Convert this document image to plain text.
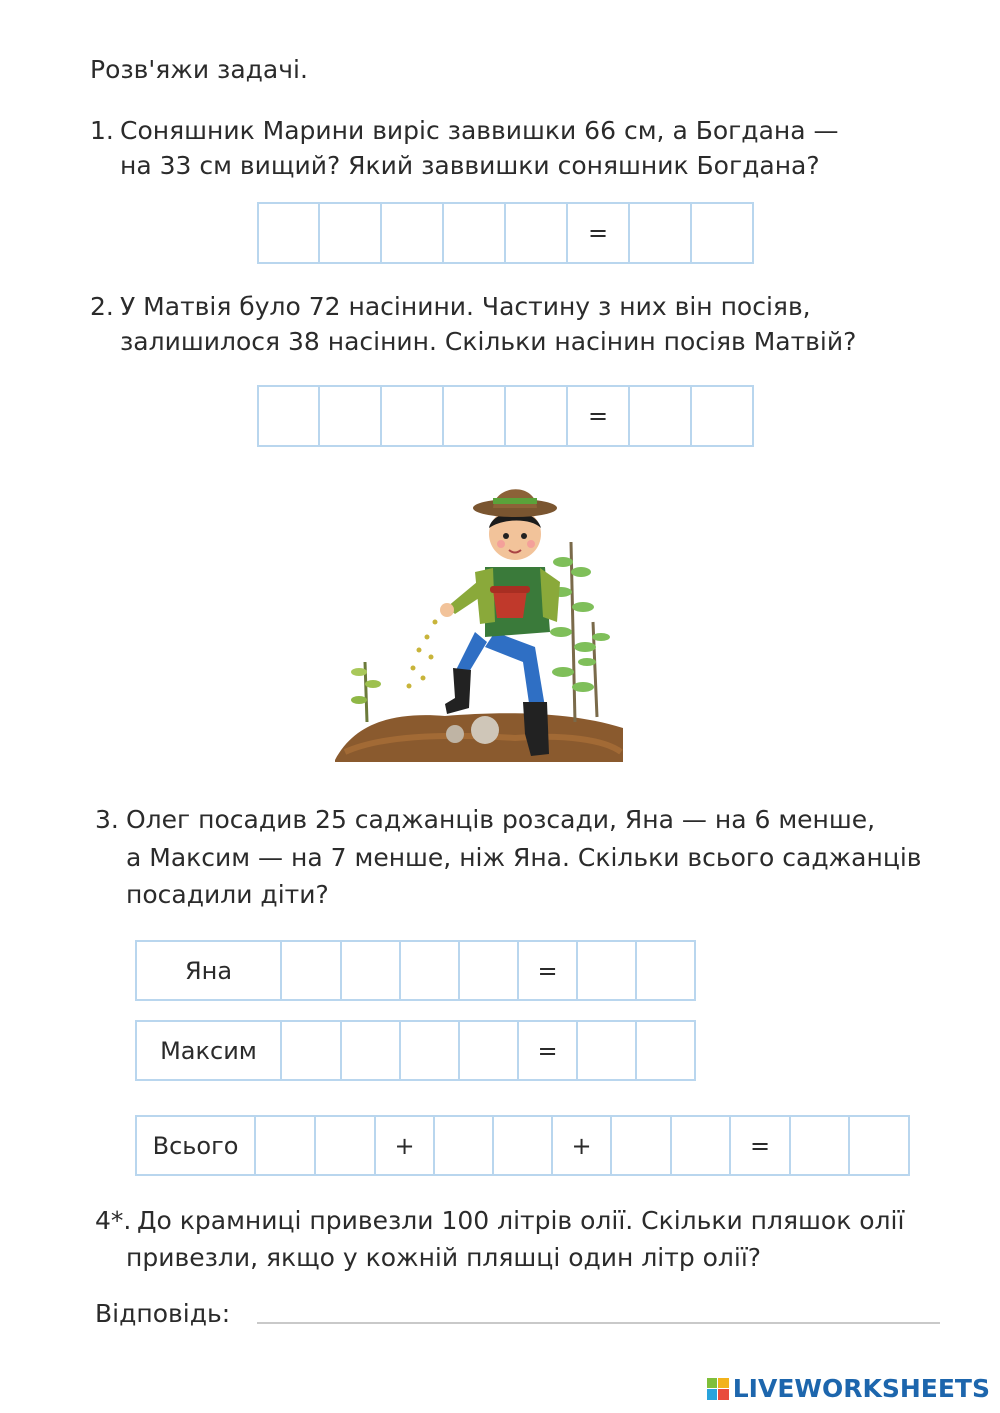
Розв'яжи задачі.
1. Соняшник Марини виріс заввишки 66 см, а Богдана —
на 33 см вищий? Який заввишки соняшник Богдана?
=
2. У Матвія було 72 насінини. Частину з них він посіяв,
залишилося 38 насінин. Скільки насінин посіяв Матвій?
=
3. Олег посадив 25 саджанців розсади, Яна — на 6 менше,
а Максим — на 7 менше, ніж Яна. Скільки всього саджанців
посадили діти?
Яна	=
Максим	=
Всього	+	+	=
4*. До крамниці привезли 100 літрів олії. Скільки пляшок олії
привезли, якщо у кожній пляшці один літр олії?
Відповідь:
LIVEWORKSHEETS
